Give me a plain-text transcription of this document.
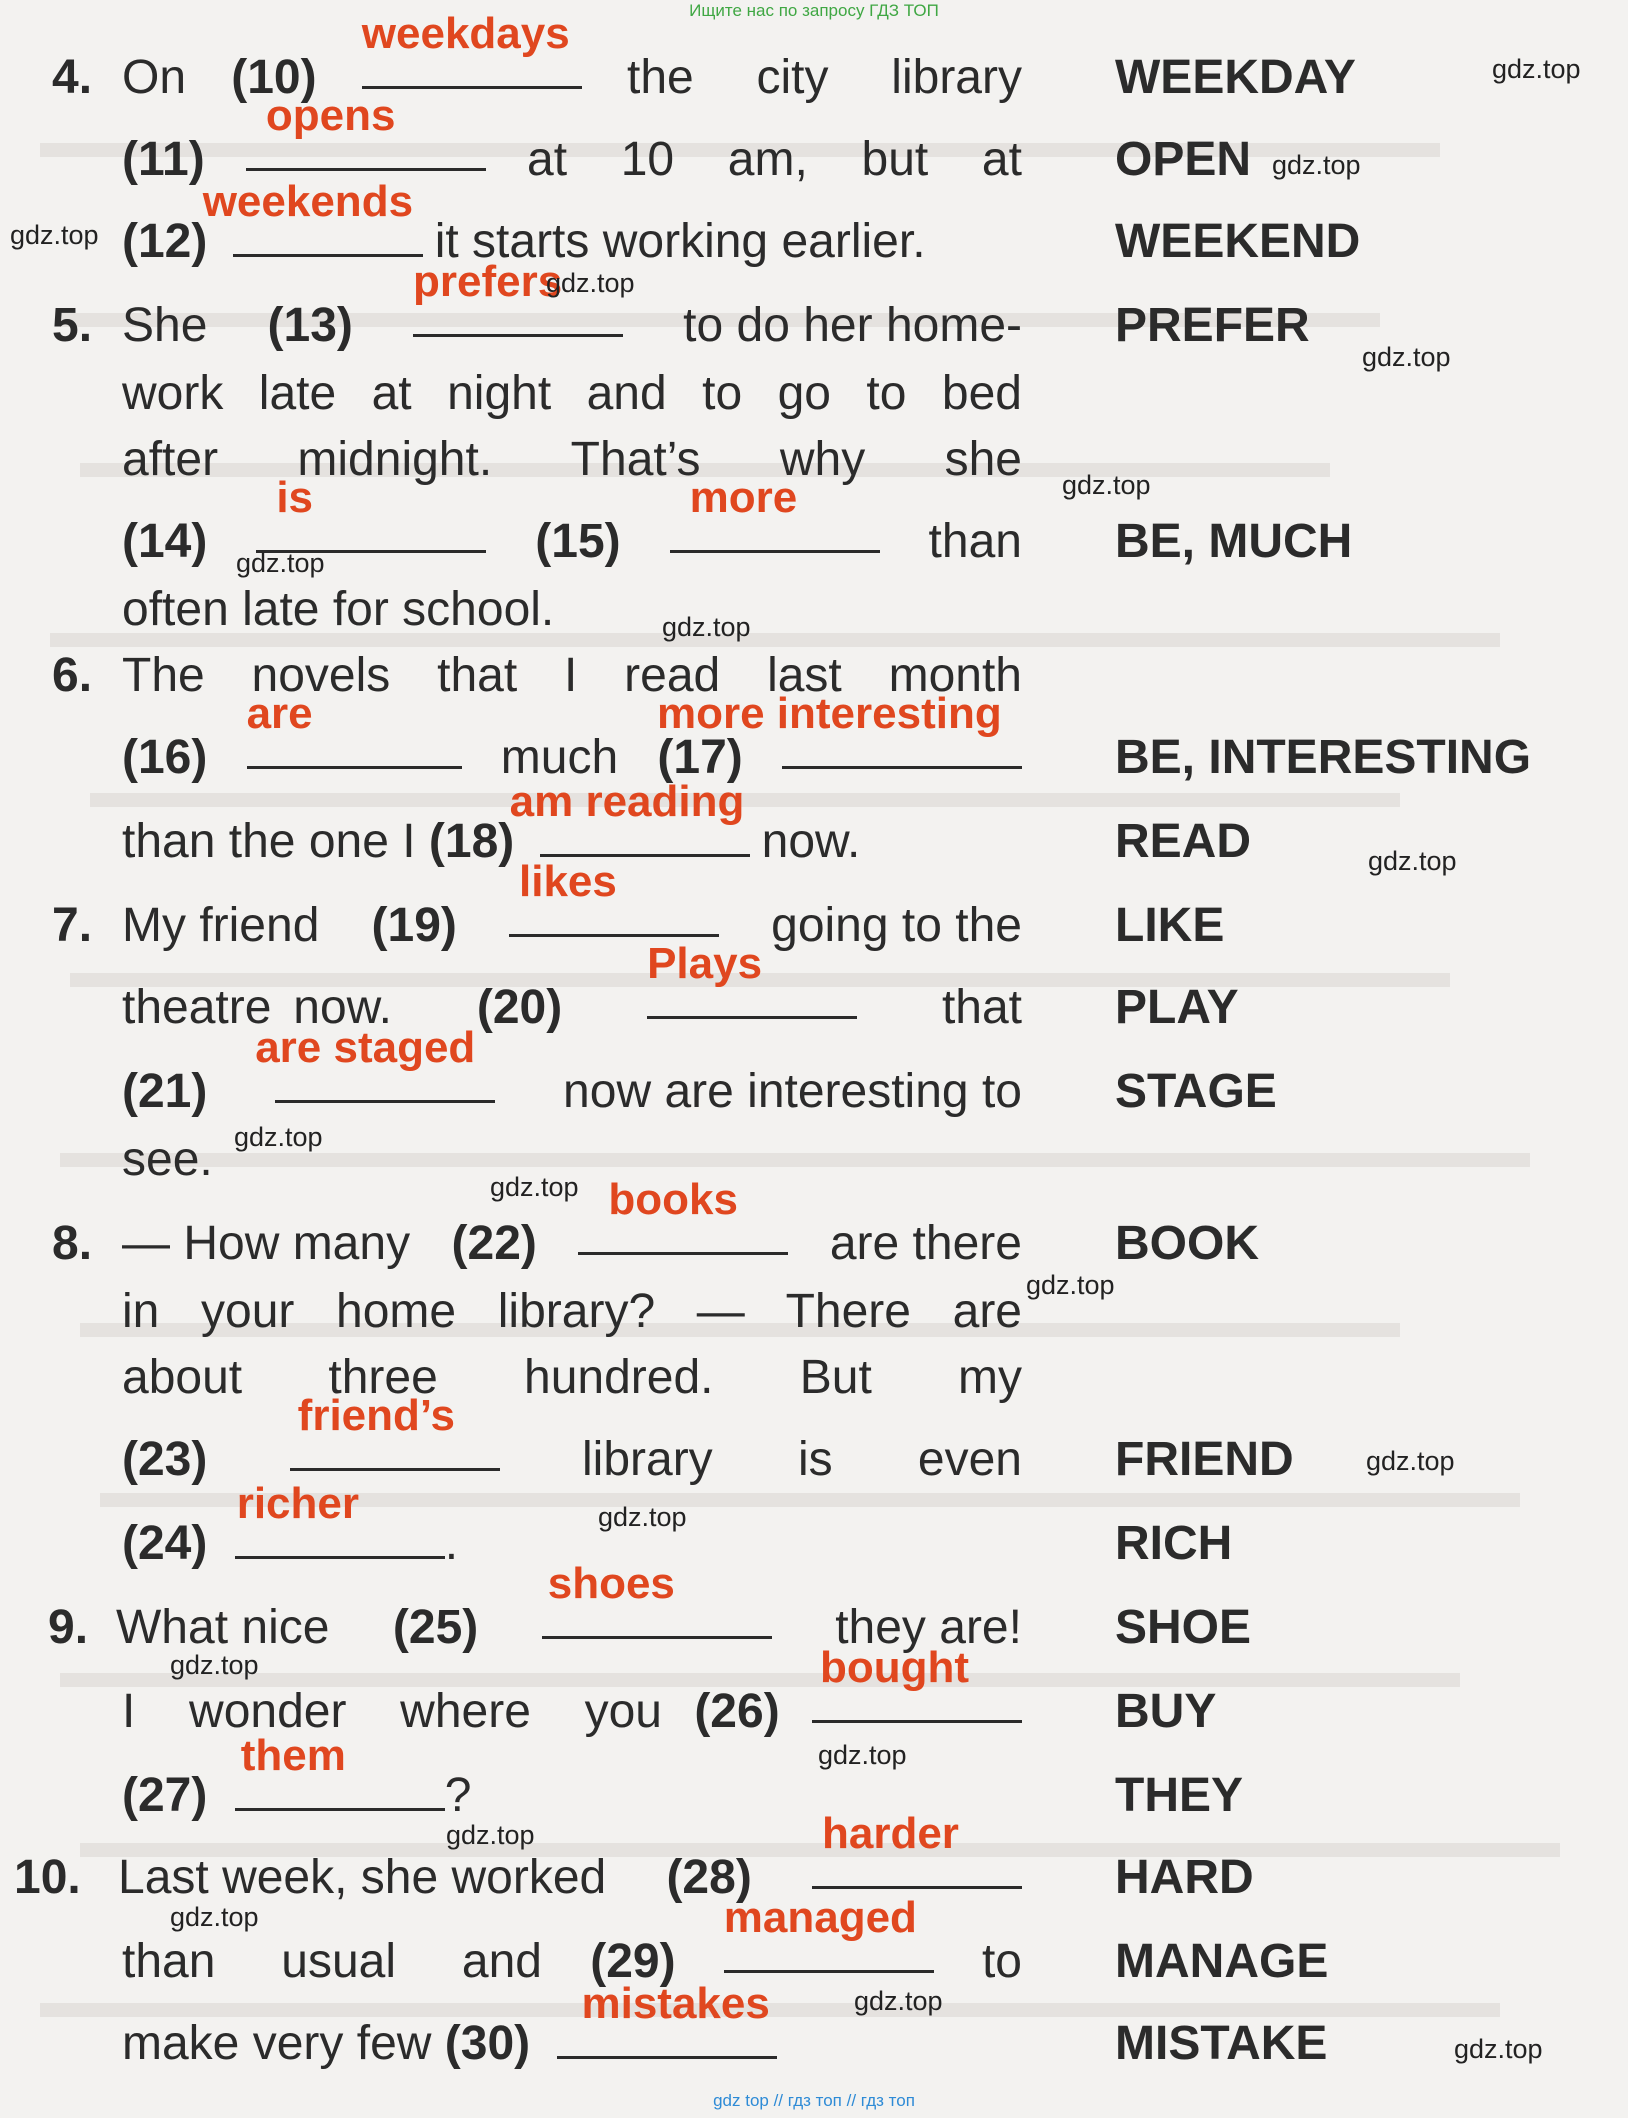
Ищите нас по запросу ГДЗ ТОП
4. On (10)
weekdays
the city library WEEKDAY
(11)
opens
at 10 am, but at OPEN
(12)
weekends
it starts working earlier.	WEEKEND
5. She (13)
prefers
to do her home- PREFER
work late at night and to go to bed
after midnight. That’s why she
(14)
is
(15)
more
than BE, MUCH
often late for school.
6. The novels that I read last month
(16)
are
much (17)
more interesting
BE, INTERESTING
than the one I (18)
am reading
now.	READ
7. My friend (19)
likes
going to the LIKE
theatre now. (20)
Plays
that PLAY
(21)
are staged
now are interesting to STAGE
see.
8. — How many (22)
books
are there BOOK
in your home library? — There are
about three hundred. But my
(23)
friend’s
library is even FRIEND
(24)
richer
.	RICH
9. What nice (25)
shoes
they are! SHOE
I wonder where you (26)
bought
BUY
(27)
them
?	THEY
10. Last week, she worked (28)
harder
HARD
than usual and (29)
managed
to MANAGE
make very few (30)
mistakes
MISTAKE
gdz.top
gdz.top
gdz.top
gdz.top
gdz.top
gdz.top
gdz.top
gdz.top
gdz.top
gdz.top
gdz.top
gdz.top
gdz.top
gdz.top
gdz.top
gdz.top
gdz.top
gdz.top
gdz.top
gdz.top
gdz top // гдз топ // гдз топ
